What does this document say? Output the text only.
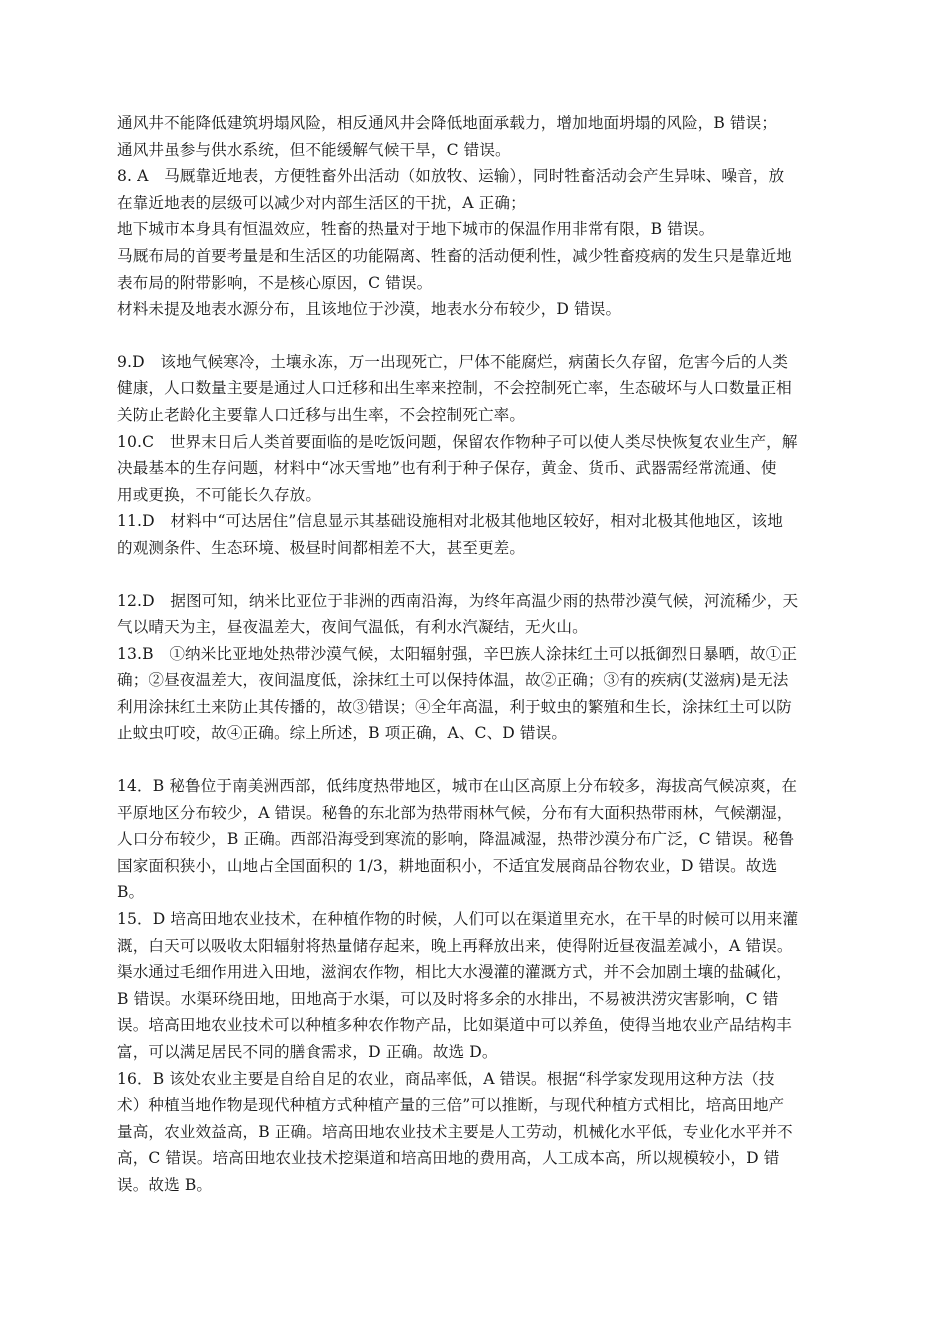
通风井不能降低建筑坍塌风险，相反通风井会降低地面承载力，增加地面坍塌的风险，B 错误；
通风井虽参与供水系统，但不能缓解气候干旱，C 错误。
8. A　马厩靠近地表，方便牲畜外出活动（如放牧、运输），同时牲畜活动会产生异味、噪音，放
在靠近地表的层级可以减少对内部生活区的干扰，A 正确；
地下城市本身具有恒温效应，牲畜的热量对于地下城市的保温作用非常有限，B 错误。
马厩布局的首要考量是和生活区的功能隔离、牲畜的活动便利性，减少牲畜疫病的发生只是靠近地
表布局的附带影响，不是核心原因，C 错误。
材料未提及地表水源分布，且该地位于沙漠，地表水分布较少，D 错误。
9.D　该地气候寒冷，土壤永冻，万一出现死亡，尸体不能腐烂，病菌长久存留，危害今后的人类
健康，人口数量主要是通过人口迁移和出生率来控制，不会控制死亡率，生态破坏与人口数量正相
关防止老龄化主要靠人口迁移与出生率，不会控制死亡率。
10.C　世界末日后人类首要面临的是吃饭问题，保留农作物种子可以使人类尽快恢复农业生产，解
决最基本的生存问题，材料中“冰天雪地”也有利于种子保存，黄金、货币、武器需经常流通、使
用或更换，不可能长久存放。
11.D　材料中“可达居住”信息显示其基础设施相对北极其他地区较好，相对北极其他地区，该地
的观测条件、生态环境、极昼时间都相差不大，甚至更差。
12.D　据图可知，纳米比亚位于非洲的西南沿海，为终年高温少雨的热带沙漠气候，河流稀少，天
气以晴天为主，昼夜温差大，夜间气温低，有利水汽凝结，无火山。
13.B　①纳米比亚地处热带沙漠气候，太阳辐射强，辛巴族人涂抹红土可以抵御烈日暴晒，故①正
确；②昼夜温差大，夜间温度低，涂抹红土可以保持体温，故②正确；③有的疾病(艾滋病)是无法
利用涂抹红土来防止其传播的，故③错误；④全年高温，利于蚊虫的繁殖和生长，涂抹红土可以防
止蚊虫叮咬，故④正确。综上所述，B 项正确，A、C、D 错误。
14．B 秘鲁位于南美洲西部，低纬度热带地区，城市在山区高原上分布较多，海拔高气候凉爽，在
平原地区分布较少，A 错误。秘鲁的东北部为热带雨林气候，分布有大面积热带雨林，气候潮湿，
人口分布较少，B 正确。西部沿海受到寒流的影响，降温减湿，热带沙漠分布广泛，C 错误。秘鲁
国家面积狭小，山地占全国面积的 1/3，耕地面积小，不适宜发展商品谷物农业，D 错误。故选
B。
15．D 培高田地农业技术，在种植作物的时候，人们可以在渠道里充水，在干旱的时候可以用来灌
溉，白天可以吸收太阳辐射将热量储存起来，晚上再释放出来，使得附近昼夜温差减小，A 错误。
渠水通过毛细作用进入田地，滋润农作物，相比大水漫灌的灌溉方式，并不会加剧土壤的盐碱化，
B 错误。水渠环绕田地，田地高于水渠，可以及时将多余的水排出，不易被洪涝灾害影响，C 错
误。培高田地农业技术可以种植多种农作物产品，比如渠道中可以养鱼，使得当地农业产品结构丰
富，可以满足居民不同的膳食需求，D 正确。故选 D。
16．B 该处农业主要是自给自足的农业，商品率低，A 错误。根据“科学家发现用这种方法（技
术）种植当地作物是现代种植方式种植产量的三倍”可以推断，与现代种植方式相比，培高田地产
量高，农业效益高，B 正确。培高田地农业技术主要是人工劳动，机械化水平低，专业化水平并不
高，C 错误。培高田地农业技术挖渠道和培高田地的费用高，人工成本高，所以规模较小，D 错
误。故选 B。
